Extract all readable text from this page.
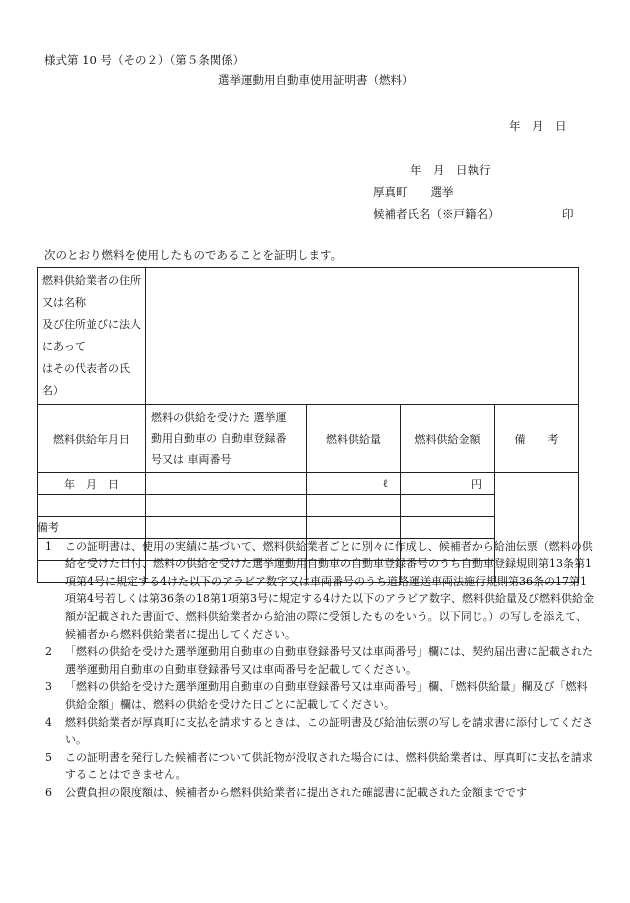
様式第 10 号（その２）（第５条関係）
選挙運動用自動車使用証明書（燃料）
年　月　日
年　月　日執行
厚真町　　選挙
候補者氏名（※戸籍名）	印
次のとおり燃料を使用したものであることを証明します。
燃料供給業者の住所又は名称
及び住所並びに法人にあって
はその代表者の氏名）				

燃料供給年月日	燃料の供給を受けた 選挙運
動用自動車の 自動車登録番
号又は 車両番号	燃料供給量	燃料供給金額	備　　考
年　月　日		ℓ	円	

備考
1	この証明書は、使用の実績に基づいて、燃料供給業者ごとに別々に作成し、候補者から給油伝票（燃料の供給を受けた日付、燃料の供給を受けた選挙運動用自動車の自動車登録番号のうち自動車登録規則第13条第1項第4号に規定する4けた以下のアラビア数字又は車両番号のうち道路運送車両法施行規則第36条の17第1項第4号若しくは第36条の18第1項第3号に規定する4けた以下のアラビア数字、燃料供給量及び燃料供給金額が記載された書面で、燃料供給業者から給油の際に受領したものをいう。以下同じ。）の写しを添えて、候補者から燃料供給業者に提出してください。
2	「燃料の供給を受けた選挙運動用自動車の自動車登録番号又は車両番号」欄には、契約届出書に記載された選挙運動用自動車の自動車登録番号又は車両番号を記載してください。
3	「燃料の供給を受けた選挙運動用自動車の自動車登録番号又は車両番号」欄、「燃料供給量」欄及び「燃料供給金額」欄は、燃料の供給を受けた日ごとに記載してください。
4	燃料供給業者が厚真町に支払を請求するときは、この証明書及び給油伝票の写しを請求書に添付してください。
5	この証明書を発行した候補者について供託物が没収された場合には、燃料供給業者は、厚真町に支払を請求することはできません。
6	公費負担の限度額は、候補者から燃料供給業者に提出された確認書に記載された金額までです
